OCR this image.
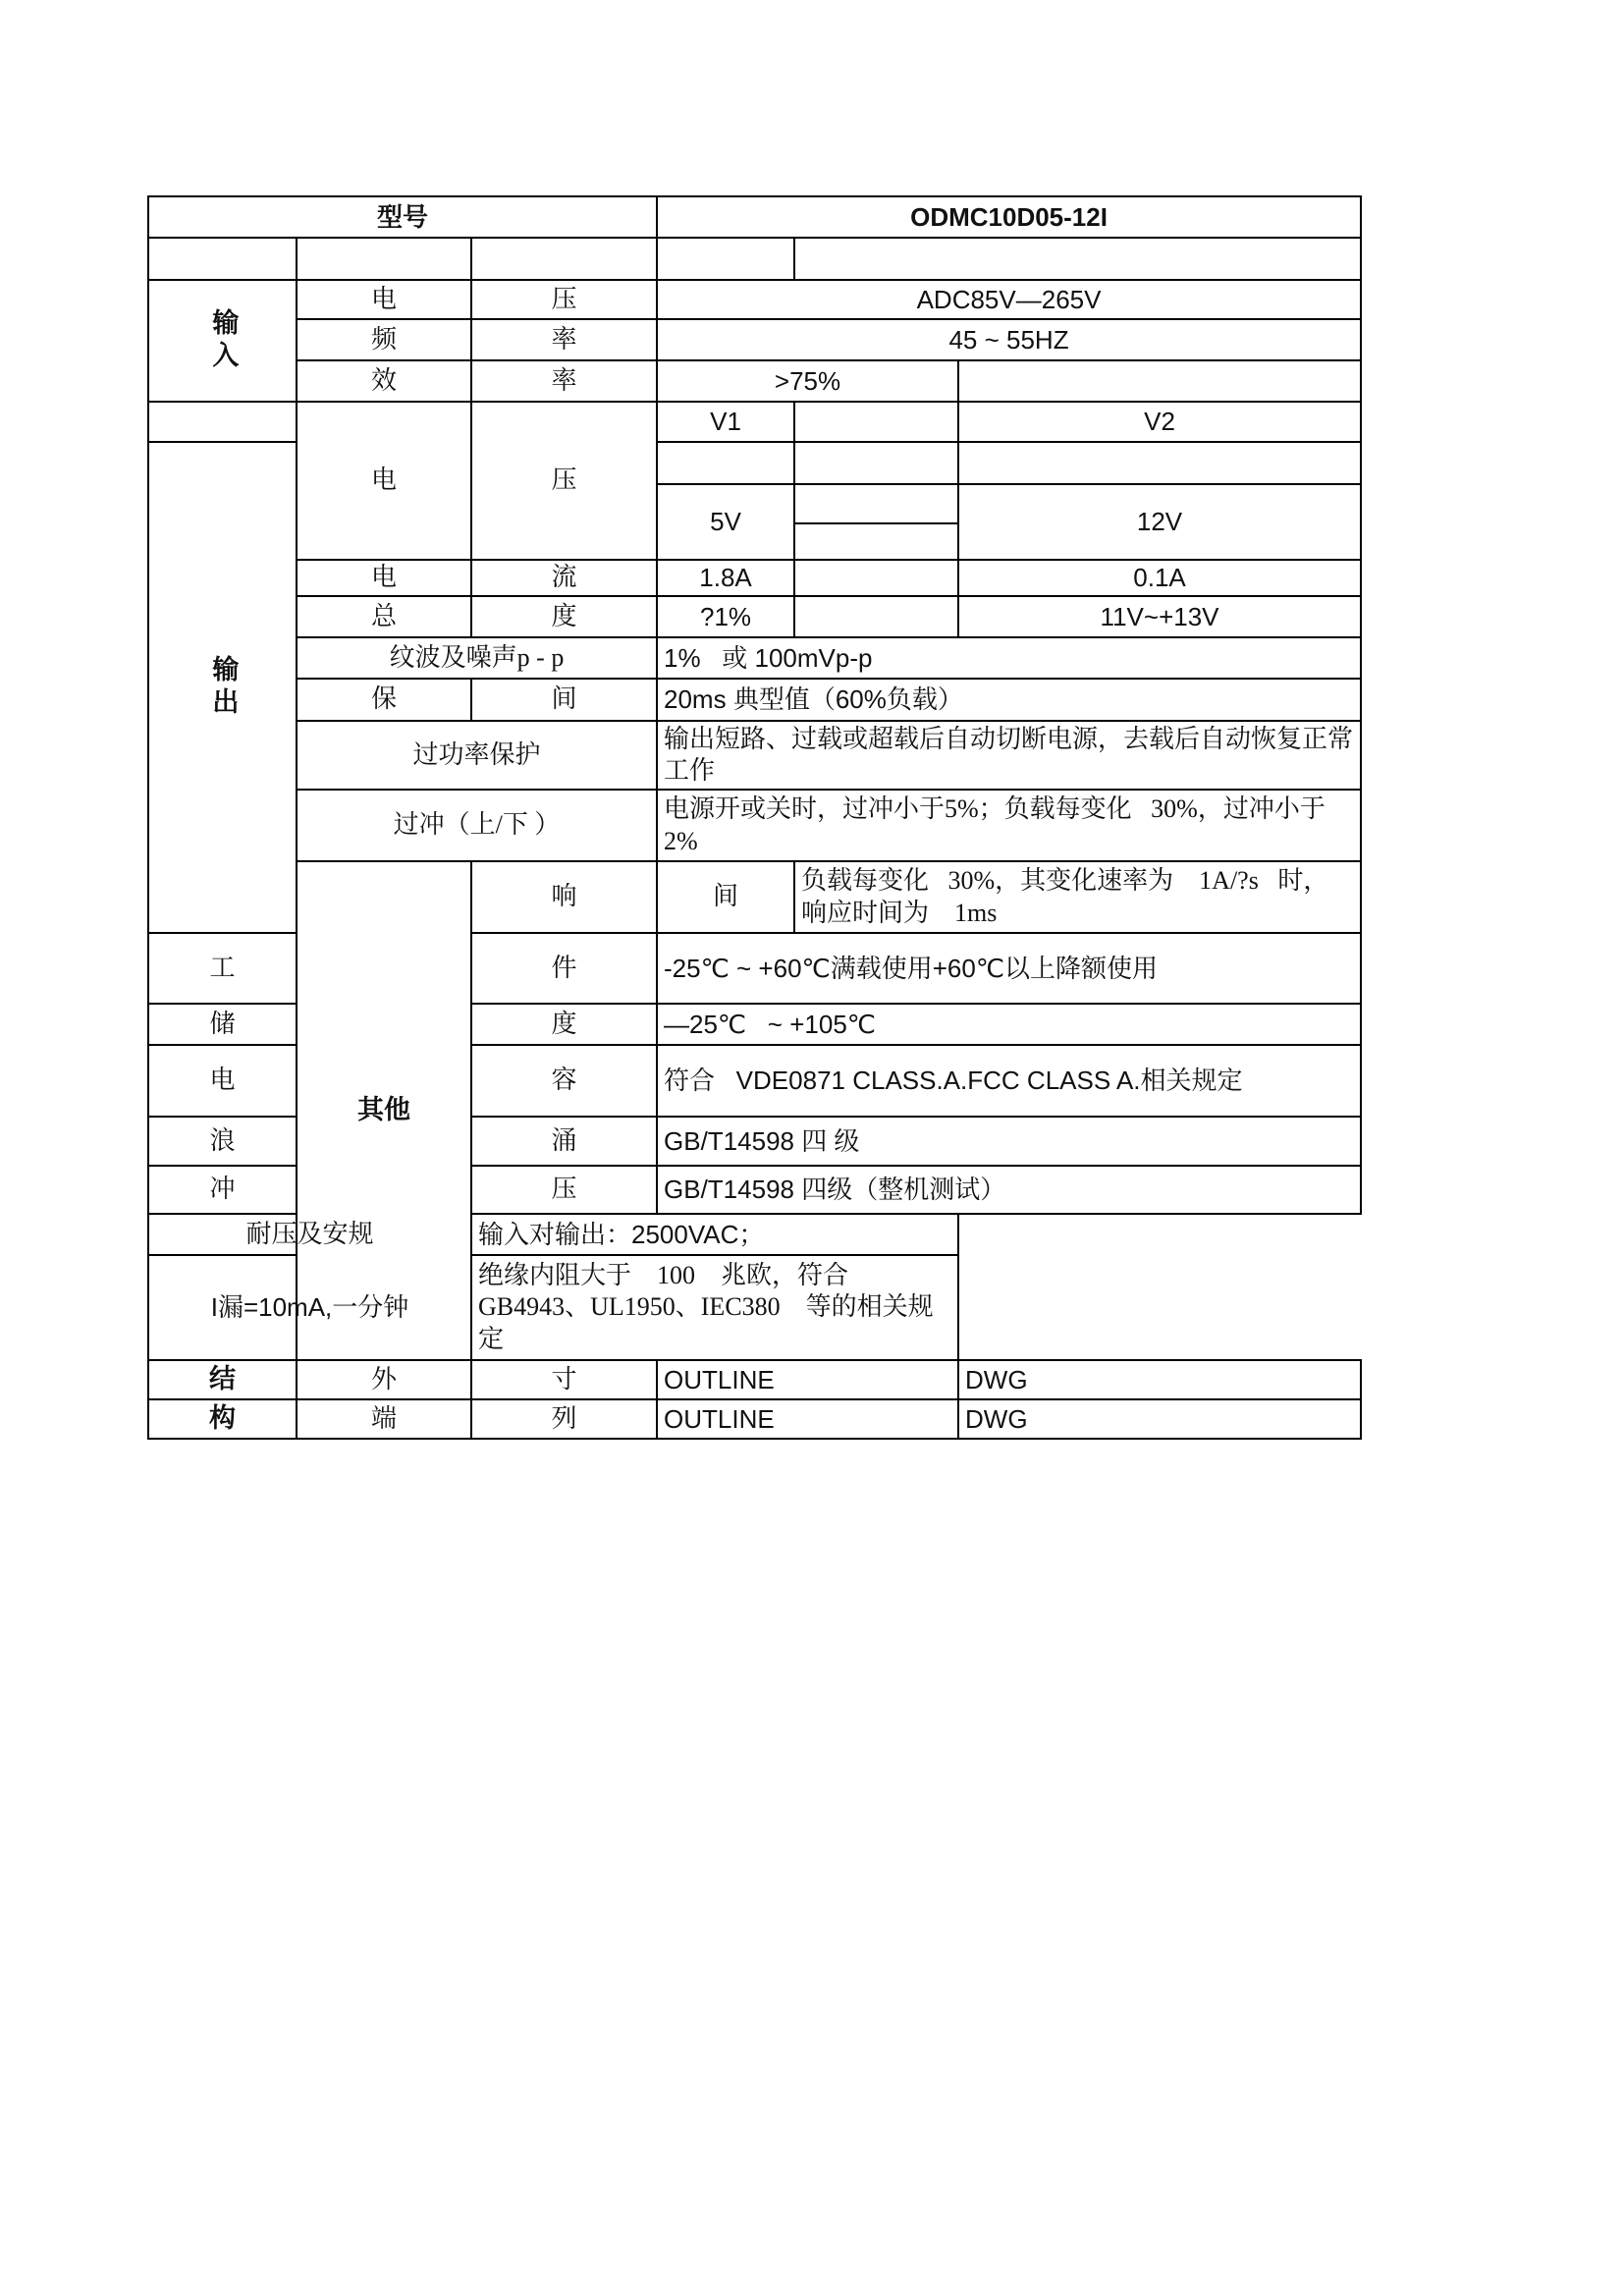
型号			ODMC10D05-12I		

输入	电	压	ADC85V—265V		
	频	率	45 ~ 55HZ		
	效	率	>75%		
	电	压	V1		V2

输出					

			5V		12V

	电	流	1.8A		0.1A
	总	度	?1%		11V~+13V
	纹波及噪声p - p		1%   或 100mVp-p		
	保	间	20ms 典型值（60%负载）		
	过功率保护		输出短路、过载或超载后自动切断电源，去载后自动恢复正常工作		
	过冲（上/下 ）		电源开或关时，过冲小于5%；负载每变化   30%，过冲小于2%		
	其他	响	间	负载每变化   30%，其变化速率为    1A/?s   时，响应时间为    1ms	
工		件	-25℃ ~ +60℃满载使用+60℃以上降额使用		
储		度	—25℃   ~ +105℃		
电		容	符合   VDE0871 CLASS.A.FCC CLASS A.相关规定		
浪		涌	GB/T14598 四 级		
冲		压	GB/T14598 四级（整机测试）		
耐压及安规		输入对输出：2500VAC；			
I漏=10mA,一分钟		绝缘内阻大于    100    兆欧，符合    GB4943、UL1950、IEC380    等的相关规定			
结	外	寸	OUTLINE		DWG
构	端	列	OUTLINE		DWG
